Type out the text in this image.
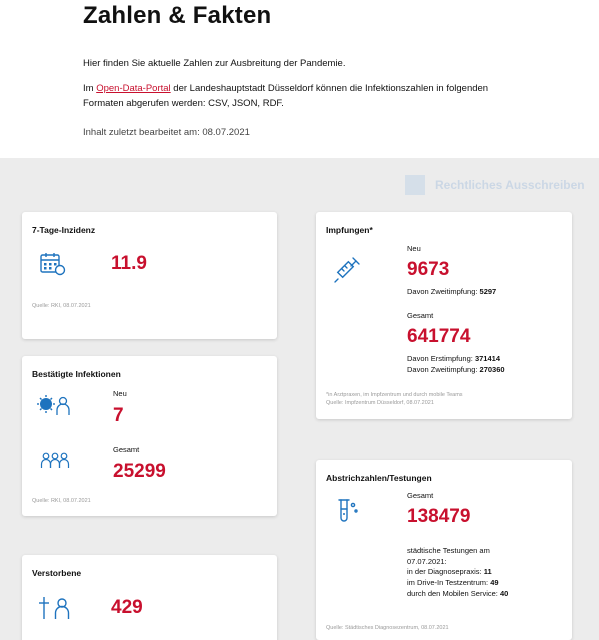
Zahlen & Fakten

Hier finden Sie aktuelle Zahlen zur Ausbreitung der Pandemie.

Im Open-Data-Portal der Landeshauptstadt Düsseldorf können die Infektionszahlen in folgenden Formaten abgerufen werden: CSV, JSON, RDF.

Inhalt zuletzt bearbeitet am: 08.07.2021

Rechtliches Ausschreiben
7-Tage-Inzidenz
11.9
Quelle: RKI, 08.07.2021
Bestätigte Infektionen
Neu
7
Gesamt
25299
Quelle: RKI, 08.07.2021
Verstorbene
429
Impfungen*
Neu
9673
Davon Zweitimpfung: 5297
Gesamt
641774
Davon Erstimpfung: 371414
Davon Zweitimpfung: 270360
*in Arztpraxen, im Impfzentrum und durch mobile Teams
Quelle: Impfzentrum Düsseldorf, 08.07.2021
Abstrichzahlen/Testungen
Gesamt
138479
städtische Testungen am
07.07.2021:
in der Diagnosepraxis: 11
im Drive-In Testzentrum: 49
durch den Mobilen Service: 40
Quelle: Städtisches Diagnosezentrum, 08.07.2021
